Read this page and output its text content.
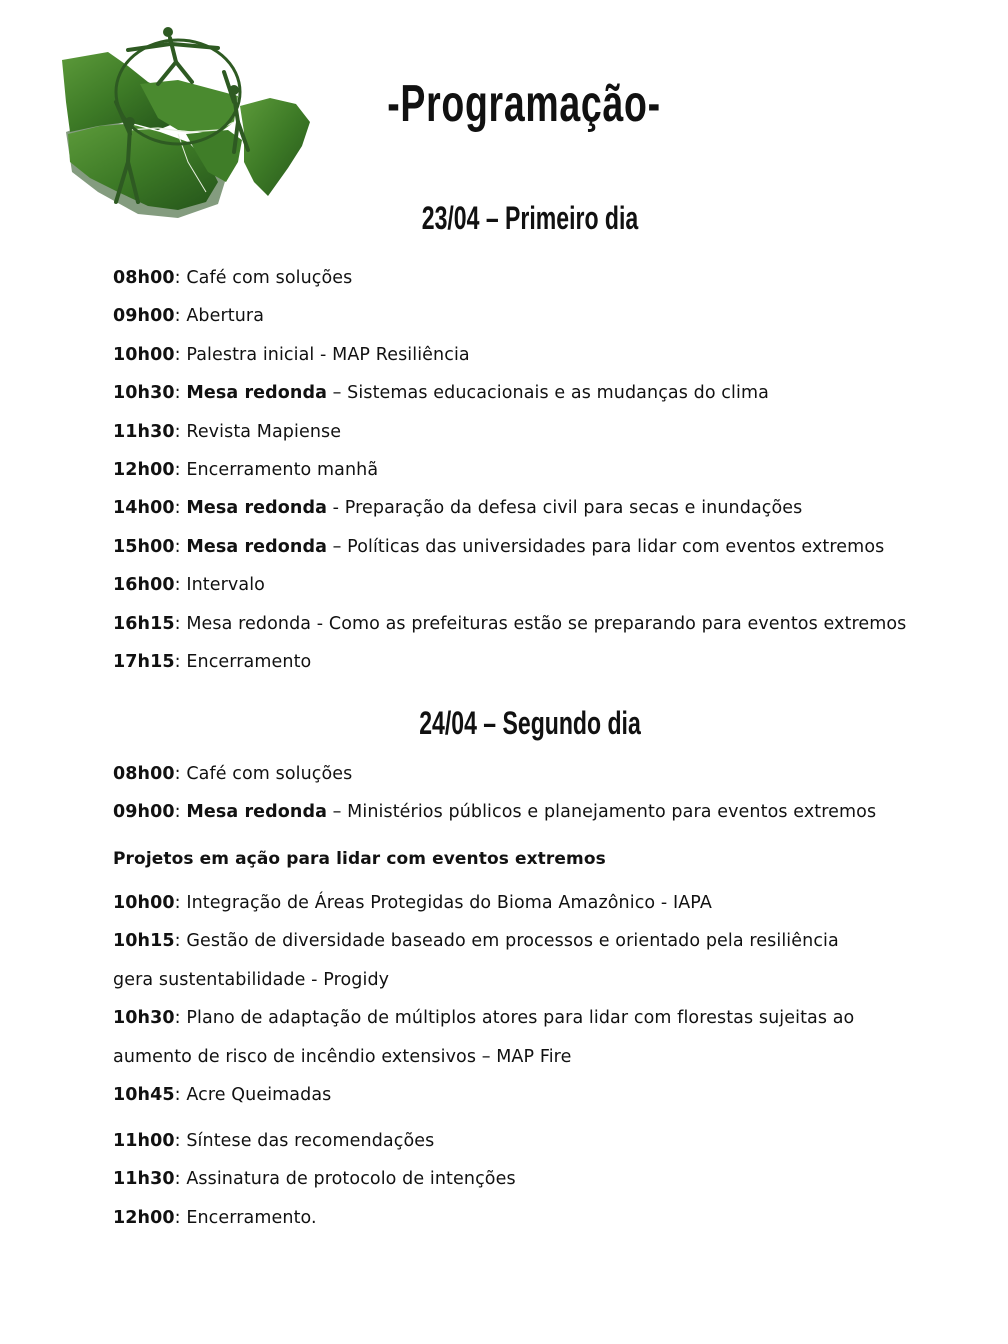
-Programação-
23/04 – Primeiro dia
08h00: Café com soluções
09h00: Abertura
10h00: Palestra inicial - MAP Resiliência
10h30: Mesa redonda – Sistemas educacionais e as mudanças do clima
11h30: Revista Mapiense
12h00: Encerramento manhã
14h00: Mesa redonda - Preparação da defesa civil para secas e inundações
15h00: Mesa redonda – Políticas das universidades para lidar com eventos extremos
16h00: Intervalo
16h15: Mesa redonda - Como as prefeituras estão se preparando para eventos extremos
17h15: Encerramento
24/04 – Segundo dia
08h00: Café com soluções
09h00: Mesa redonda – Ministérios públicos e planejamento para eventos extremos
Projetos em ação para lidar com eventos extremos
10h00: Integração de Áreas Protegidas do Bioma Amazônico - IAPA
10h15: Gestão de diversidade baseado em processos e orientado pela resiliência
gera sustentabilidade - Progidy
10h30: Plano de adaptação de múltiplos atores para lidar com florestas sujeitas ao
aumento de risco de incêndio extensivos – MAP Fire
10h45: Acre Queimadas
11h00: Síntese das recomendações
11h30: Assinatura de protocolo de intenções
12h00: Encerramento.
